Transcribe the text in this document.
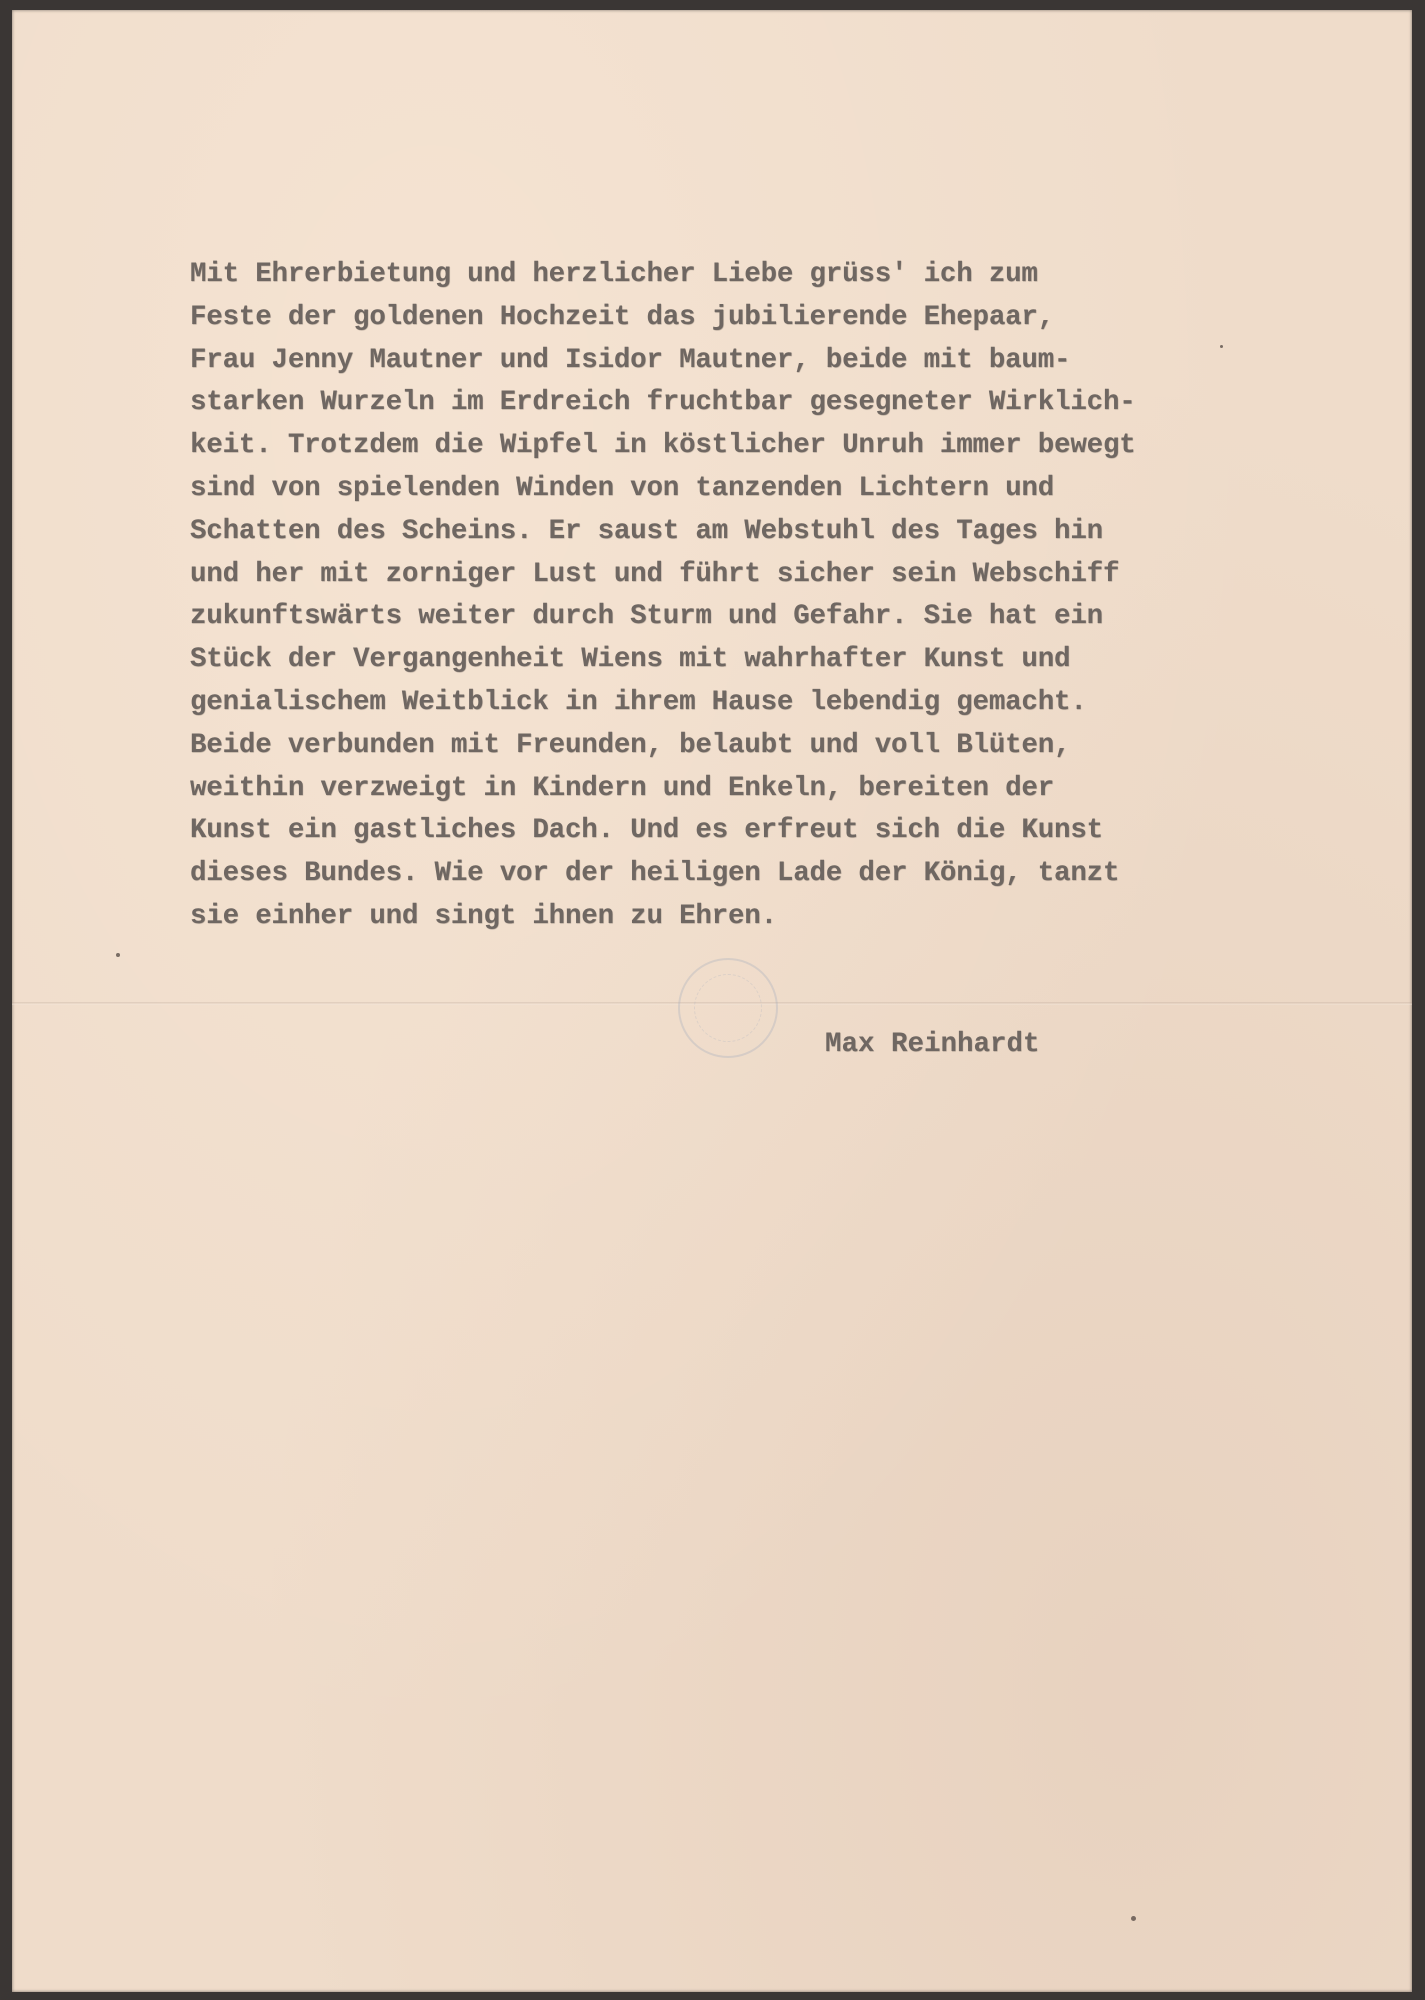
Mit Ehrerbietung und herzlicher Liebe grüss' ich zum
Feste der goldenen Hochzeit das jubilierende Ehepaar,
Frau Jenny Mautner und Isidor Mautner, beide mit baum-
starken Wurzeln im Erdreich fruchtbar gesegneter Wirklich-
keit. Trotzdem die Wipfel in köstlicher Unruh immer bewegt
sind von spielenden Winden von tanzenden Lichtern und
Schatten des Scheins. Er saust am Webstuhl des Tages hin
und her mit zorniger Lust und führt sicher sein Webschiff
zukunftswärts weiter durch Sturm und Gefahr. Sie hat ein
Stück der Vergangenheit Wiens mit wahrhafter Kunst und
genialischem Weitblick in ihrem Hause lebendig gemacht.
Beide verbunden mit Freunden, belaubt und voll Blüten,
weithin verzweigt in Kindern und Enkeln, bereiten der
Kunst ein gastliches Dach. Und es erfreut sich die Kunst
dieses Bundes. Wie vor der heiligen Lade der König, tanzt
sie einher und singt ihnen zu Ehren.
Max Reinhardt
